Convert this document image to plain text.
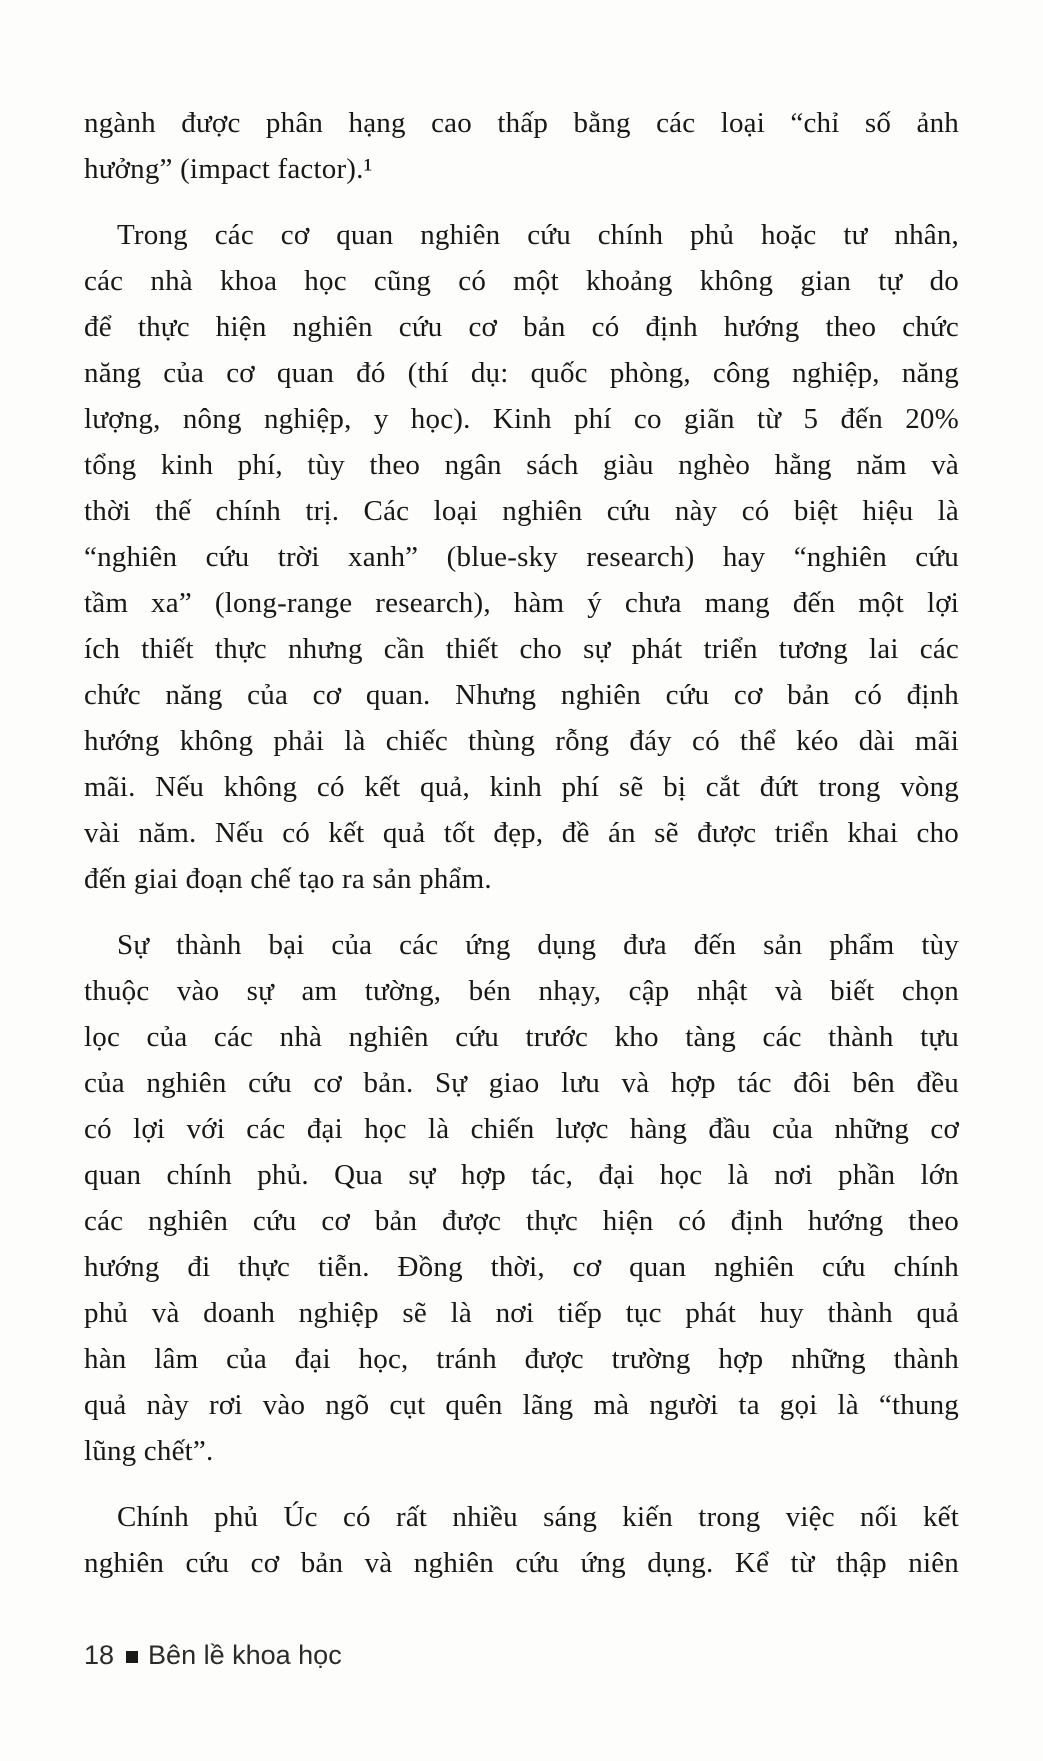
ngành được phân hạng cao thấp bằng các loại “chỉ số ảnh
hưởng” (impact factor).¹
Trong các cơ quan nghiên cứu chính phủ hoặc tư nhân,
các nhà khoa học cũng có một khoảng không gian tự do
để thực hiện nghiên cứu cơ bản có định hướng theo chức
năng của cơ quan đó (thí dụ: quốc phòng, công nghiệp, năng
lượng, nông nghiệp, y học). Kinh phí co giãn từ 5 đến 20%
tổng kinh phí, tùy theo ngân sách giàu nghèo hằng năm và
thời thế chính trị. Các loại nghiên cứu này có biệt hiệu là
“nghiên cứu trời xanh” (blue-sky research) hay “nghiên cứu
tầm xa” (long-range research), hàm ý chưa mang đến một lợi
ích thiết thực nhưng cần thiết cho sự phát triển tương lai các
chức năng của cơ quan. Nhưng nghiên cứu cơ bản có định
hướng không phải là chiếc thùng rỗng đáy có thể kéo dài mãi
mãi. Nếu không có kết quả, kinh phí sẽ bị cắt đứt trong vòng
vài năm. Nếu có kết quả tốt đẹp, đề án sẽ được triển khai cho
đến giai đoạn chế tạo ra sản phẩm.
Sự thành bại của các ứng dụng đưa đến sản phẩm tùy
thuộc vào sự am tường, bén nhạy, cập nhật và biết chọn
lọc của các nhà nghiên cứu trước kho tàng các thành tựu
của nghiên cứu cơ bản. Sự giao lưu và hợp tác đôi bên đều
có lợi với các đại học là chiến lược hàng đầu của những cơ
quan chính phủ. Qua sự hợp tác, đại học là nơi phần lớn
các nghiên cứu cơ bản được thực hiện có định hướng theo
hướng đi thực tiễn. Đồng thời, cơ quan nghiên cứu chính
phủ và doanh nghiệp sẽ là nơi tiếp tục phát huy thành quả
hàn lâm của đại học, tránh được trường hợp những thành
quả này rơi vào ngõ cụt quên lãng mà người ta gọi là “thung
lũng chết”.
Chính phủ Úc có rất nhiều sáng kiến trong việc nối kết
nghiên cứu cơ bản và nghiên cứu ứng dụng. Kể từ thập niên
18 Bên lề khoa học
